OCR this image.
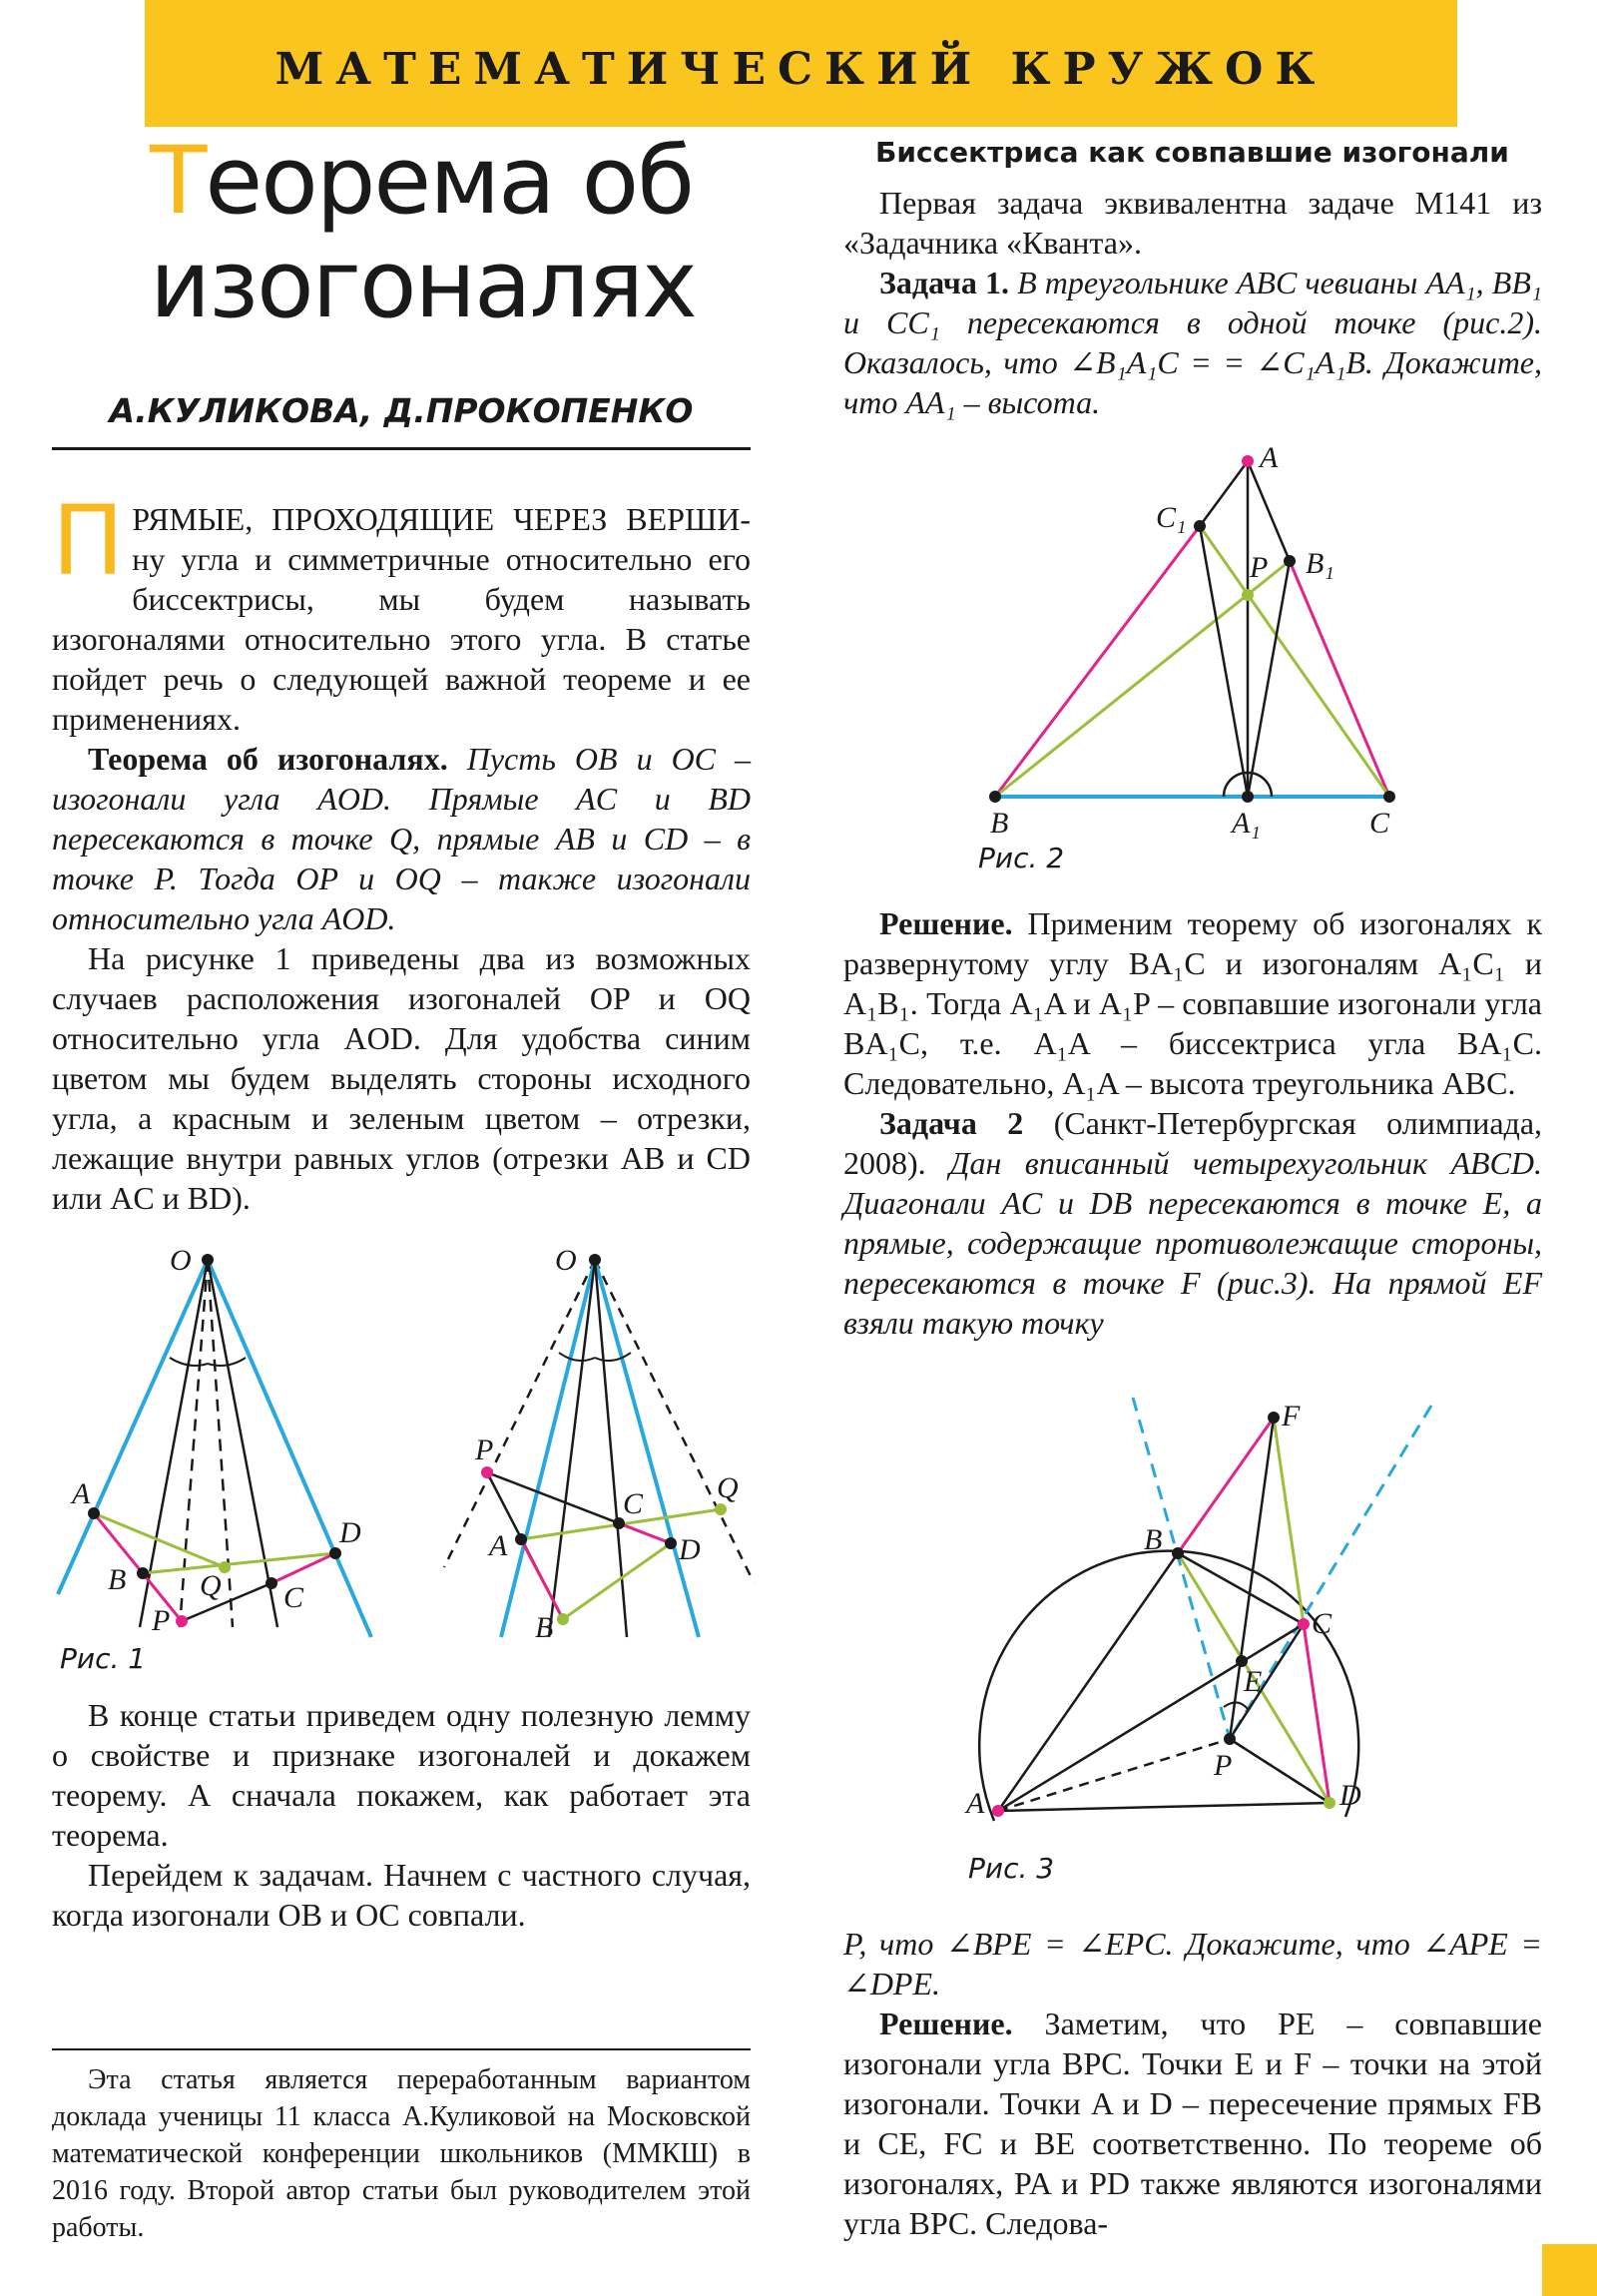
МАТЕМАТИЧЕСКИЙ КРУЖОК
Теорема об
изогоналях
А.КУЛИКОВА, Д.ПРОКОПЕНКО

П РЯМЫЕ, ПРОХОДЯЩИЕ ЧЕРЕЗ ВЕРШИ- ну угла и симметричные относительно его биссектрисы, мы будем называть изогоналями относительно этого угла. В статье пойдет речь о следующей важной теореме и ее применениях.

Теорема об изогоналях. Пусть OB и OC – изогонали угла AOD. Прямые AC и BD пересекаются в точке Q, прямые AB и CD – в точке P. Тогда OP и OQ – также изогонали относительно угла AOD.

На рисунке 1 приведены два из возможных случаев расположения изогоналей OP и OQ относительно угла AOD. Для удобства синим цветом мы будем выделять стороны исходного угла, а красным и зеленым цветом – отрезки, лежащие внутри равных углов (отрезки AB и CD или AC и BD).

O
A
B
C
D
P
Q
O
P
A
C
D
Q
B
Рис. 1

В конце статьи приведем одну полезную лемму о свойстве и признаке изогоналей и докажем теорему. А сначала покажем, как работает эта теорема.

Перейдем к задачам. Начнем с частного случая, когда изогонали OB и OC совпали.

Эта статья является переработанным вариантом доклада ученицы 11 класса А.Куликовой на Московской математической конференции школьников (ММКШ) в 2016 году. Второй автор статьи был руководителем этой работы.

Биссектриса как совпавшие изогонали

Первая задача эквивалентна задаче М141 из «Задачника «Кванта».

Задача 1. В треугольнике ABC чевианы AA₁, BB₁ и CC₁ пересекаются в одной точке (рис.2). Оказалось, что ∠B₁A₁C = = ∠C₁A₁B. Докажите, что AA₁ – высота.

A
C₁
B₁
P
B	A₁	C
Рис. 2

Решение. Применим теорему об изогоналях к развернутому углу BA₁C и изогоналям A₁C₁ и A₁B₁. Тогда A₁A и A₁P – совпавшие изогонали угла BA₁C, т.е. A₁A – биссектриса угла BA₁C. Следовательно, A₁A – высота треугольника ABC.

Задача 2 (Санкт-Петербургская олимпиада, 2008). Дан вписанный четырехугольник ABCD. Диагонали AC и DB пересекаются в точке E, а прямые, содержащие противолежащие стороны, пересекаются в точке F (рис.3). На прямой EF взяли такую точку

F
B
C
E
P
A	D
Рис. 3

P, что ∠BPE = ∠EPC. Докажите, что ∠APE = ∠DPE.

Решение. Заметим, что PE – совпавшие изогонали угла BPC. Точки E и F – точки на этой изогонали. Точки A и D – пересечение прямых FB и CE, FC и BE соответственно. По теореме об изогоналях, PA и PD также являются изогоналями угла BPC. Следова-
